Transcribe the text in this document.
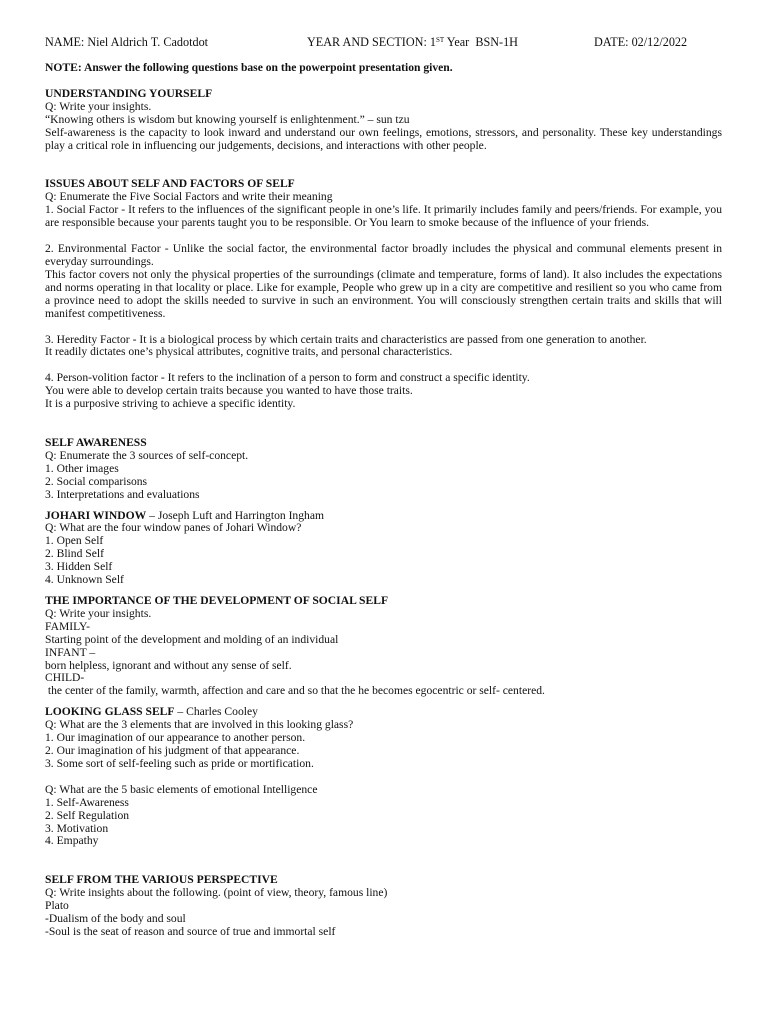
NAME: Niel Aldrich T. Cadotdot	YEAR AND SECTION: 1ST Year  BSN-1H	DATE: 02/12/2022
NOTE: Answer the following questions base on the powerpoint presentation given.
UNDERSTANDING YOURSELF
Q: Write your insights.
“Knowing others is wisdom but knowing yourself is enlightenment.” – sun tzu
Self-awareness is the capacity to look inward and understand our own feelings, emotions, stressors, and personality. These key understandings play a critical role in influencing our judgements, decisions, and interactions with other people.
ISSUES ABOUT SELF AND FACTORS OF SELF
Q: Enumerate the Five Social Factors and write their meaning
1. Social Factor - It refers to the influences of the significant people in one’s life. It primarily includes family and peers/friends. For example, you are responsible because your parents taught you to be responsible. Or You learn to smoke because of the influence of your friends.
2. Environmental Factor - Unlike the social factor, the environmental factor broadly includes the physical and communal elements present in everyday surroundings.
This factor covers not only the physical properties of the surroundings (climate and temperature, forms of land). It also includes the expectations and norms operating in that locality or place. Like for example, People who grew up in a city are competitive and resilient so you who came from a province need to adopt the skills needed to survive in such an environment. You will consciously strengthen certain traits and skills that will manifest competitiveness.
3. Heredity Factor - It is a biological process by which certain traits and characteristics are passed from one generation to another.
It readily dictates one’s physical attributes, cognitive traits, and personal characteristics.
4. Person-volition factor - It refers to the inclination of a person to form and construct a specific identity.
You were able to develop certain traits because you wanted to have those traits.
It is a purposive striving to achieve a specific identity.
SELF AWARENESS
Q: Enumerate the 3 sources of self-concept.
1. Other images
2. Social comparisons
3. Interpretations and evaluations
JOHARI WINDOW – Joseph Luft and Harrington Ingham
Q: What are the four window panes of Johari Window?
1. Open Self
2. Blind Self
3. Hidden Self
4. Unknown Self
THE IMPORTANCE OF THE DEVELOPMENT OF SOCIAL SELF
Q: Write your insights.
FAMILY-
Starting point of the development and molding of an individual
INFANT –
born helpless, ignorant and without any sense of self.
CHILD-
the center of the family, warmth, affection and care and so that the he becomes egocentric or self- centered.
LOOKING GLASS SELF – Charles Cooley
Q: What are the 3 elements that are involved in this looking glass?
1. Our imagination of our appearance to another person.
2. Our imagination of his judgment of that appearance.
3. Some sort of self-feeling such as pride or mortification.
Q: What are the 5 basic elements of emotional Intelligence
1. Self-Awareness
2. Self Regulation
3. Motivation
4. Empathy
SELF FROM THE VARIOUS PERSPECTIVE
Q: Write insights about the following. (point of view, theory, famous line)
Plato
-Dualism of the body and soul
-Soul is the seat of reason and source of true and immortal self
